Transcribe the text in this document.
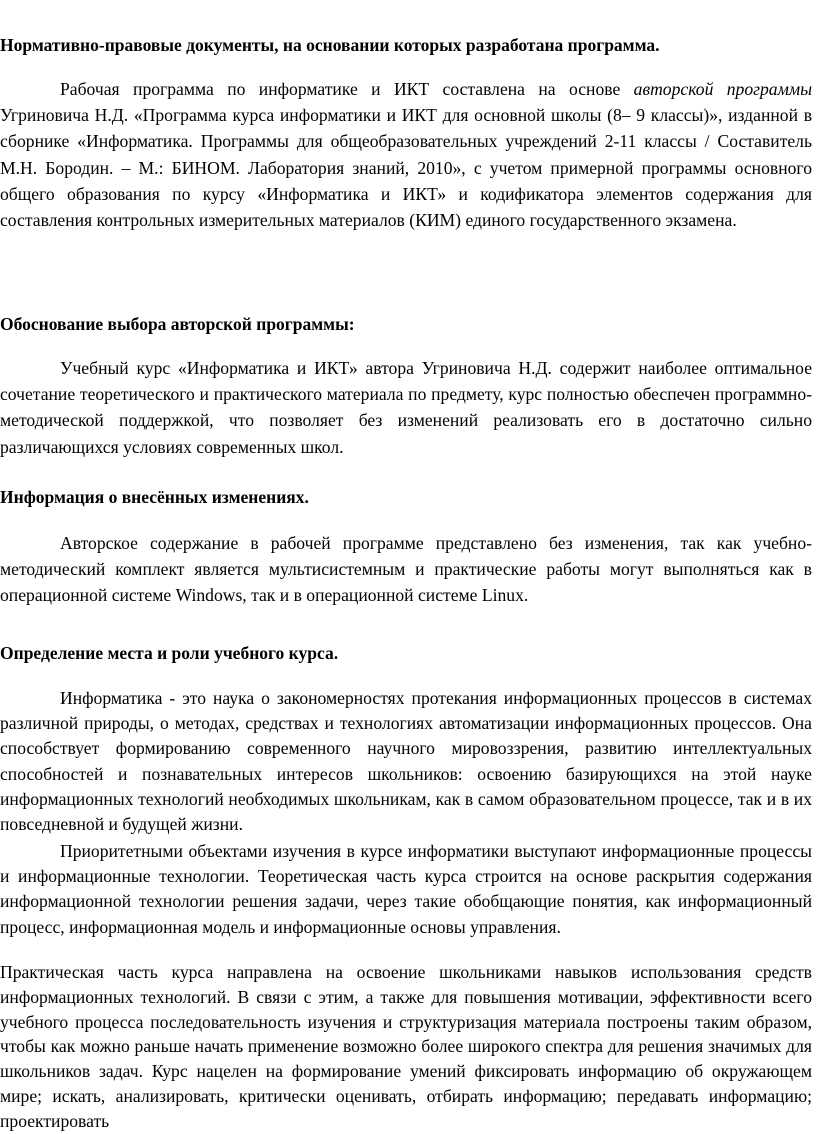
Нормативно-правовые документы, на основании которых разработана программа.

Рабочая программа по информатике и ИКТ составлена на основе авторской программы Угриновича Н.Д. «Программа курса информатики и ИКТ для основной школы (8– 9 классы)», изданной в сборнике «Информатика. Программы для общеобразовательных учреждений 2-11 классы / Составитель М.Н. Бородин. – М.: БИНОМ. Лаборатория знаний, 2010», с учетом примерной программы основного общего образования по курсу «Информатика и ИКТ» и кодификатора элементов содержания для составления контрольных измерительных материалов (КИМ) единого государственного экзамена.

Обоснование выбора авторской программы:

Учебный курс «Информатика и ИКТ» автора Угриновича Н.Д. содержит наиболее оптимальное сочетание теоретического и практического материала по предмету, курс полностью обеспечен программно-методической поддержкой, что позволяет без изменений реализовать его в достаточно сильно различающихся условиях современных школ.

Информация о внесённых изменениях.

Авторское содержание в рабочей программе представлено без изменения, так как учебно-методический комплект является мультисистемным и практические работы могут выполняться как в операционной системе Windows, так и в операционной системе Linux.

Определение места и роли учебного курса.

Информатика - это наука о закономерностях протекания информационных процессов в системах различной природы, о методах, средствах и технологиях автоматизации информационных процессов. Она способствует формированию современного научного мировоззрения, развитию интеллектуальных способностей и познавательных интересов школьников: освоению базирующихся на этой науке информационных технологий необходимых школьникам, как в самом образовательном процессе, так и в их повседневной и будущей жизни.

Приоритетными объектами изучения в курсе информатики выступают информационные процессы и информационные технологии. Теоретическая часть курса строится на основе раскрытия содержания информационной технологии решения задачи, через такие обобщающие понятия, как информационный процесс, информационная модель и информационные основы управления.

Практическая часть курса направлена на освоение школьниками навыков использования средств информационных технологий. В связи с этим, а также для повышения мотивации, эффективности всего учебного процесса последовательность изучения и структуризация материала построены таким образом, чтобы как можно раньше начать применение возможно более широкого спектра для решения значимых для школьников задач. Курс нацелен на формирование умений фиксировать информацию об окружающем мире; искать, анализировать, критически оценивать, отбирать информацию; передавать информацию; проектировать
